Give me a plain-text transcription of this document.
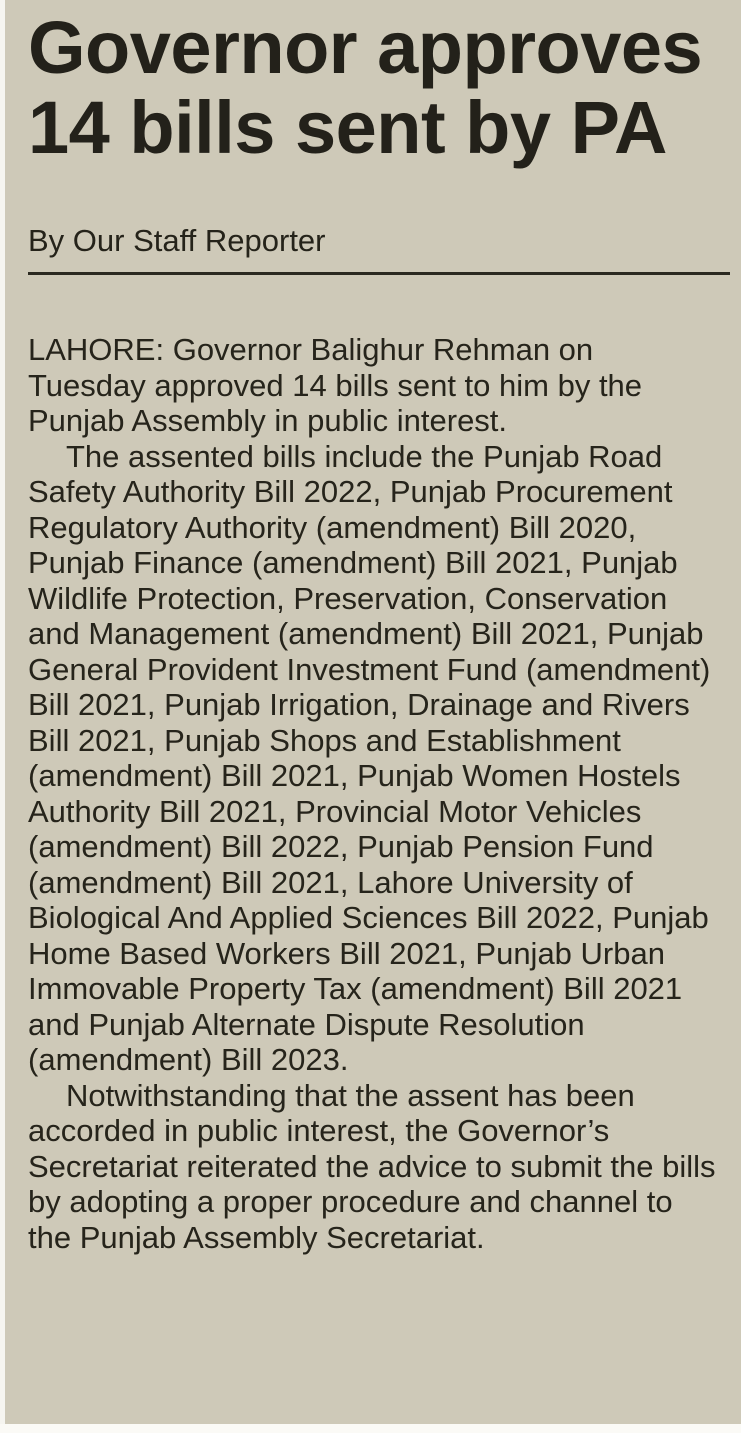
Governor approves 14 bills sent by PA
By Our Staff Reporter

LAHORE: Governor Balighur Rehman on Tuesday approved 14 bills sent to him by the Punjab Assembly in public interest.

The assented bills include the Punjab Road Safety Authority Bill 2022, Punjab Procurement Regulatory Authority (amendment) Bill 2020, Punjab Finance (amendment) Bill 2021, Punjab Wildlife Protection, Preservation, Conservation and Management (amendment) Bill 2021, Punjab General Provident Investment Fund (amendment) Bill 2021, Punjab Irrigation, Drainage and Rivers Bill 2021, Punjab Shops and Establishment (amendment) Bill 2021, Punjab Women Hostels Authority Bill 2021, Provincial Motor Vehicles (amendment) Bill 2022, Punjab Pension Fund (amendment) Bill 2021, Lahore University of Biological And Applied Sciences Bill 2022, Punjab Home Based Workers Bill 2021, Punjab Urban Immovable Property Tax (amendment) Bill 2021 and Punjab Alternate Dispute Resolution (amendment) Bill 2023.

Notwithstanding that the assent has been accorded in public interest, the Governor’s Secretariat reiterated the advice to submit the bills by adopting a proper procedure and channel to the Punjab Assembly Secretariat.
